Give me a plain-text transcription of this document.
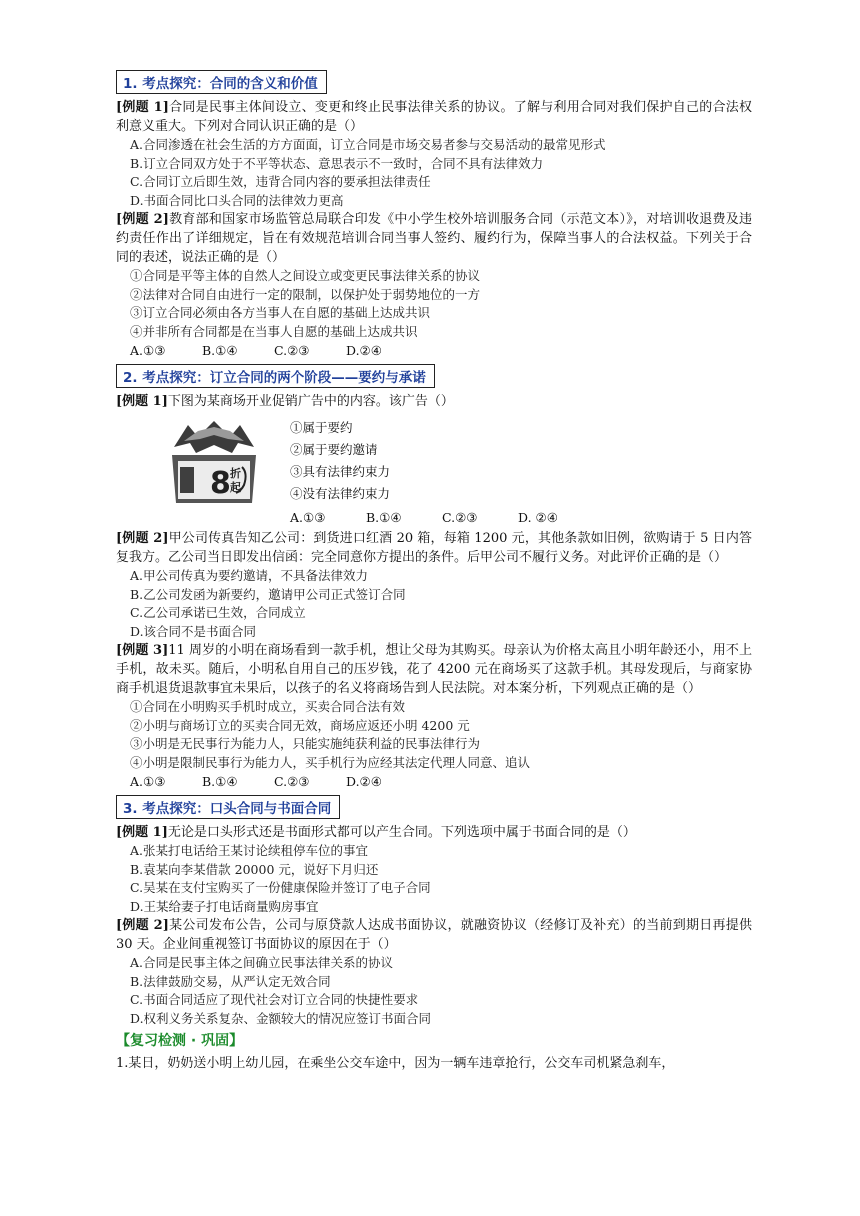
1. 考点探究：合同的含义和价值

[例题 1]合同是民事主体间设立、变更和终止民事法律关系的协议。了解与利用合同对我们保护自己的合法权利意义重大。下列对合同认识正确的是（）

A.合同渗透在社会生活的方方面面，订立合同是市场交易者参与交易活动的最常见形式

B.订立合同双方处于不平等状态、意思表示不一致时，合同不具有法律效力

C.合同订立后即生效，违背合同内容的要承担法律责任

D.书面合同比口头合同的法律效力更高

[例题 2]教育部和国家市场监管总局联合印发《中小学生校外培训服务合同（示范文本）》，对培训收退费及违约责任作出了详细规定，旨在有效规范培训合同当事人签约、履约行为，保障当事人的合法权益。下列关于合同的表述，说法正确的是（）

①合同是平等主体的自然人之间设立或变更民事法律关系的协议

②法律对合同自由进行一定的限制，以保护处于弱势地位的一方

③订立合同必须由各方当事人在自愿的基础上达成共识

④并非所有合同都是在当事人自愿的基础上达成共识

A.①③	B.①④	C.②③	D.②④

2. 考点探究：订立合同的两个阶段——要约与承诺

[例题 1]下图为某商场开业促销广告中的内容。该广告（）

8 折
起
①属于要约
②属于要约邀请
③具有法律约束力
④没有法律约束力
A.①③	B.①④	C.②③	D. ②④

[例题 2]甲公司传真告知乙公司：到货进口红酒 20 箱，每箱 1200 元，其他条款如旧例，欲购请于 5 日内答复我方。乙公司当日即发出信函：完全同意你方提出的条件。后甲公司不履行义务。对此评价正确的是（）

A.甲公司传真为要约邀请，不具备法律效力

B.乙公司发函为新要约，邀请甲公司正式签订合同

C.乙公司承诺已生效，合同成立

D.该合同不是书面合同

[例题 3]11 周岁的小明在商场看到一款手机，想让父母为其购买。母亲认为价格太高且小明年龄还小，用不上手机，故未买。随后，小明私自用自己的压岁钱，花了 4200 元在商场买了这款手机。其母发现后，与商家协商手机退货退款事宜未果后，以孩子的名义将商场告到人民法院。对本案分析，下列观点正确的是（）

①合同在小明购买手机时成立，买卖合同合法有效

②小明与商场订立的买卖合同无效，商场应返还小明 4200 元

③小明是无民事行为能力人，只能实施纯获利益的民事法律行为

④小明是限制民事行为能力人，买手机行为应经其法定代理人同意、追认

A.①③	B.①④	C.②③	D.②④

3. 考点探究：口头合同与书面合同

[例题 1]无论是口头形式还是书面形式都可以产生合同。下列选项中属于书面合同的是（）

A.张某打电话给王某讨论续租停车位的事宜

B.袁某向李某借款 20000 元，说好下月归还

C.吴某在支付宝购买了一份健康保险并签订了电子合同

D.王某给妻子打电话商量购房事宜

[例题 2]某公司发布公告，公司与原贷款人达成书面协议，就融资协议（经修订及补充）的当前到期日再提供 30 天。企业间重视签订书面协议的原因在于（）

A.合同是民事主体之间确立民事法律关系的协议

B.法律鼓励交易，从严认定无效合同

C.书面合同适应了现代社会对订立合同的快捷性要求

D.权利义务关系复杂、金额较大的情况应签订书面合同

【复习检测 · 巩固】

1.某日，奶奶送小明上幼儿园，在乘坐公交车途中，因为一辆车违章抢行，公交车司机紧急刹车，
